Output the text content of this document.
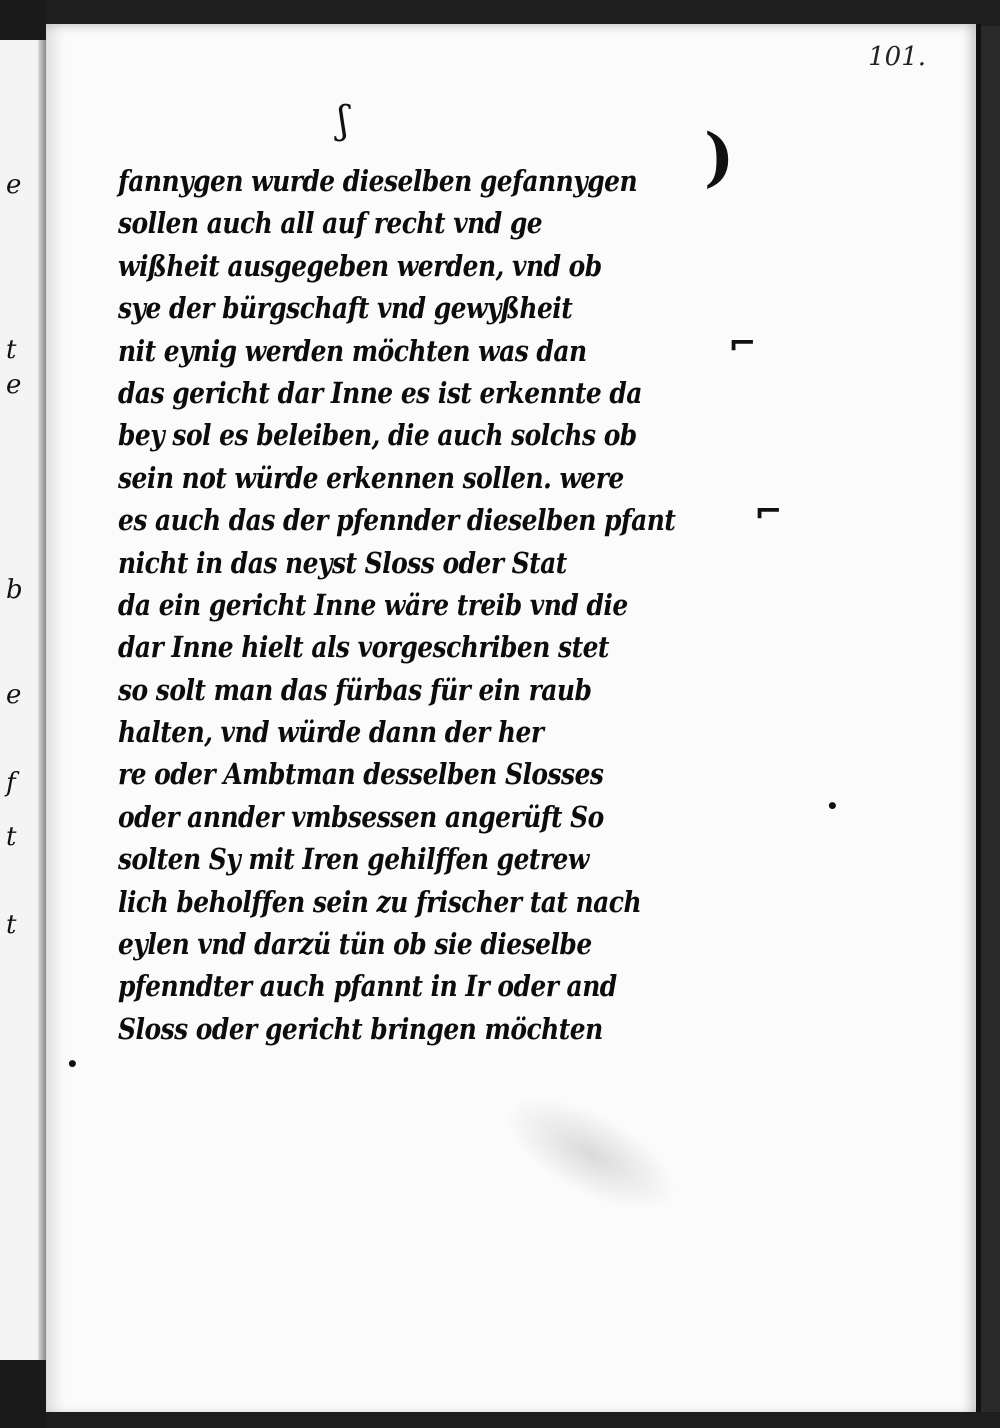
e
t
e
b
e
f
t
t
101.
ʃ	)
⌐
⌐
•
•
fannygen wurde dieselben gefannygen
sollen auch all auf recht vnd ge
wißheit ausgegeben werden, vnd ob
sye der bürgschaft vnd gewyßheit
nit eynig werden möchten was dan
das gericht dar Inne es ist erkennte da
bey sol es beleiben, die auch solchs ob
sein not würde erkennen sollen. were
es auch das der pfennder dieselben pfant
nicht in das neyst Sloss oder Stat
da ein gericht Inne wäre treib vnd die
dar Inne hielt als vorgeschriben stet
so solt man das fürbas für ein raub
halten, vnd würde dann der her
re oder Ambtman desselben Slosses
oder annder vmbsessen angerüft So
solten Sy mit Iren gehilffen getrew
lich beholffen sein zu frischer tat nach
eylen vnd darzü tün ob sie dieselbe
pfenndter auch pfannt in Ir oder and
Sloss oder gericht bringen möchten
